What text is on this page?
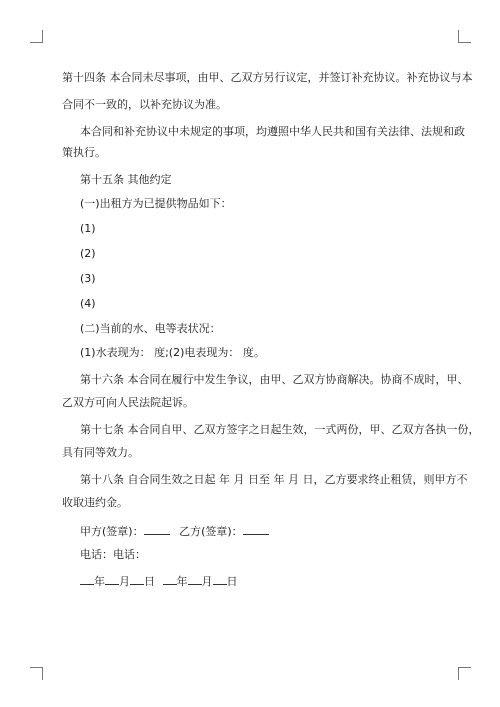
第十四条 本合同未尽事项，由甲、乙双方另行议定，并签订补充协议。补充协议与本
合同不一致的，以补充协议为准。
本合同和补充协议中未规定的事项，均遵照中华人民共和国有关法律、法规和政
策执行。
第十五条 其他约定
(一)出租方为已提供物品如下：
(1)
(2)
(3)
(4)
(二)当前的水、电等表状况：
(1)水表现为： 度;(2)电表现为： 度。
第十六条 本合同在履行中发生争议，由甲、乙双方协商解决。协商不成时，甲、
乙双方可向人民法院起诉。
第十七条 本合同自甲、乙双方签字之日起生效，一式两份，甲、乙双方各执一份，
具有同等效力。
第十八条 自合同生效之日起 年 月 日至 年 月 日，乙方要求终止租赁，则甲方不
收取违约金。
甲方(签章)：	乙方(签章)：
电话：电话：
年 月 日 年 月 日
